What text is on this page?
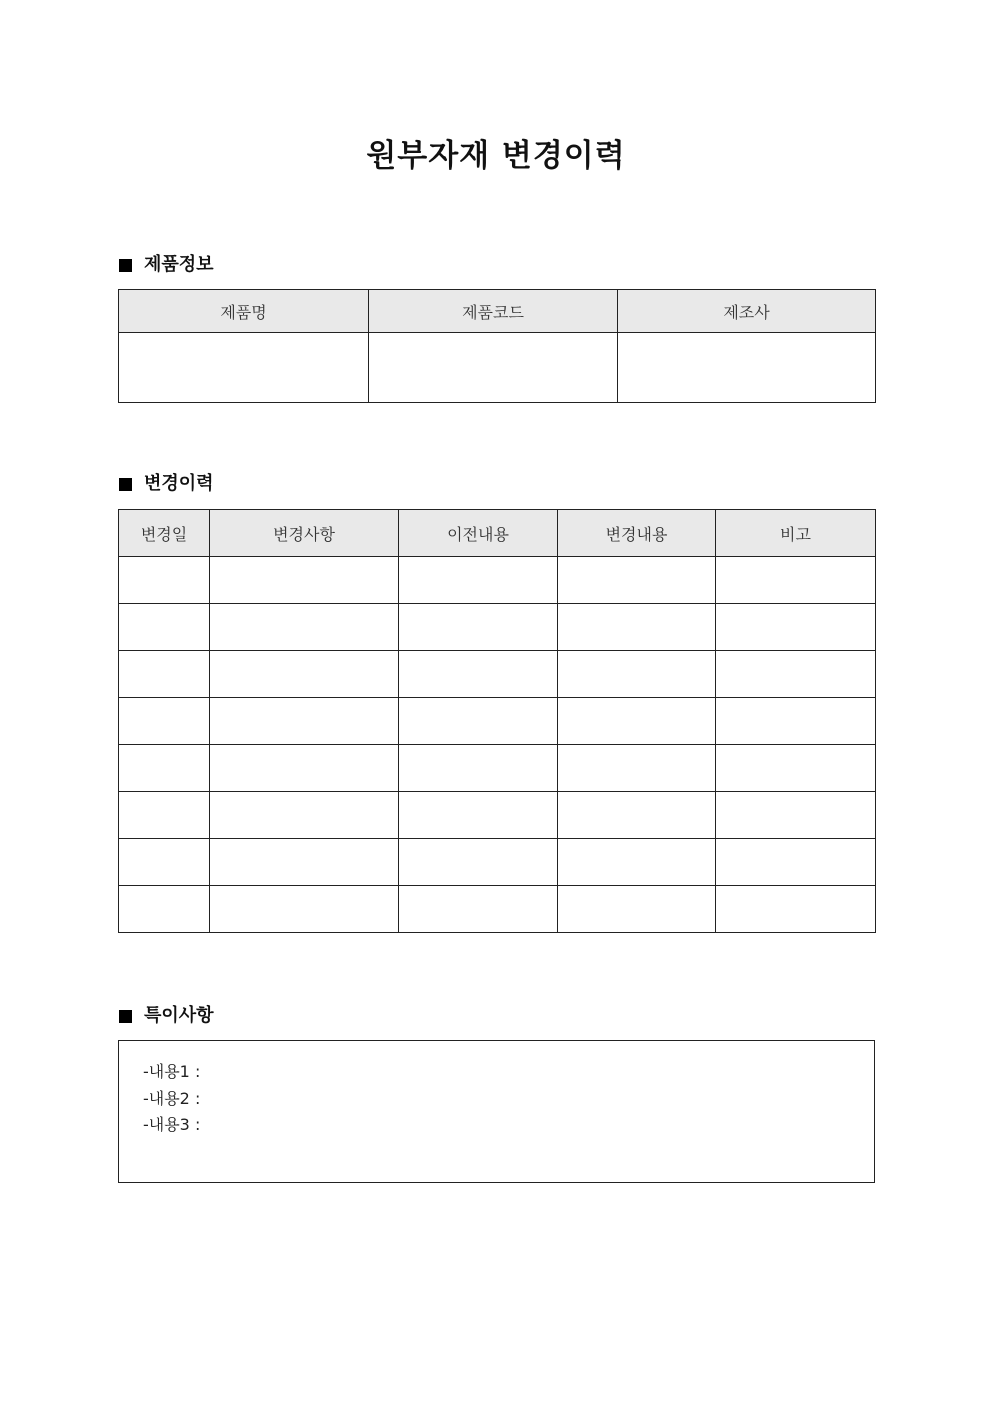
원부자재 변경이력
제품정보
제품명	제품코드	제조사

변경이력
변경일	변경사항	이전내용	변경내용	비고

특이사항
-내용1 :
-내용2 :
-내용3 :
